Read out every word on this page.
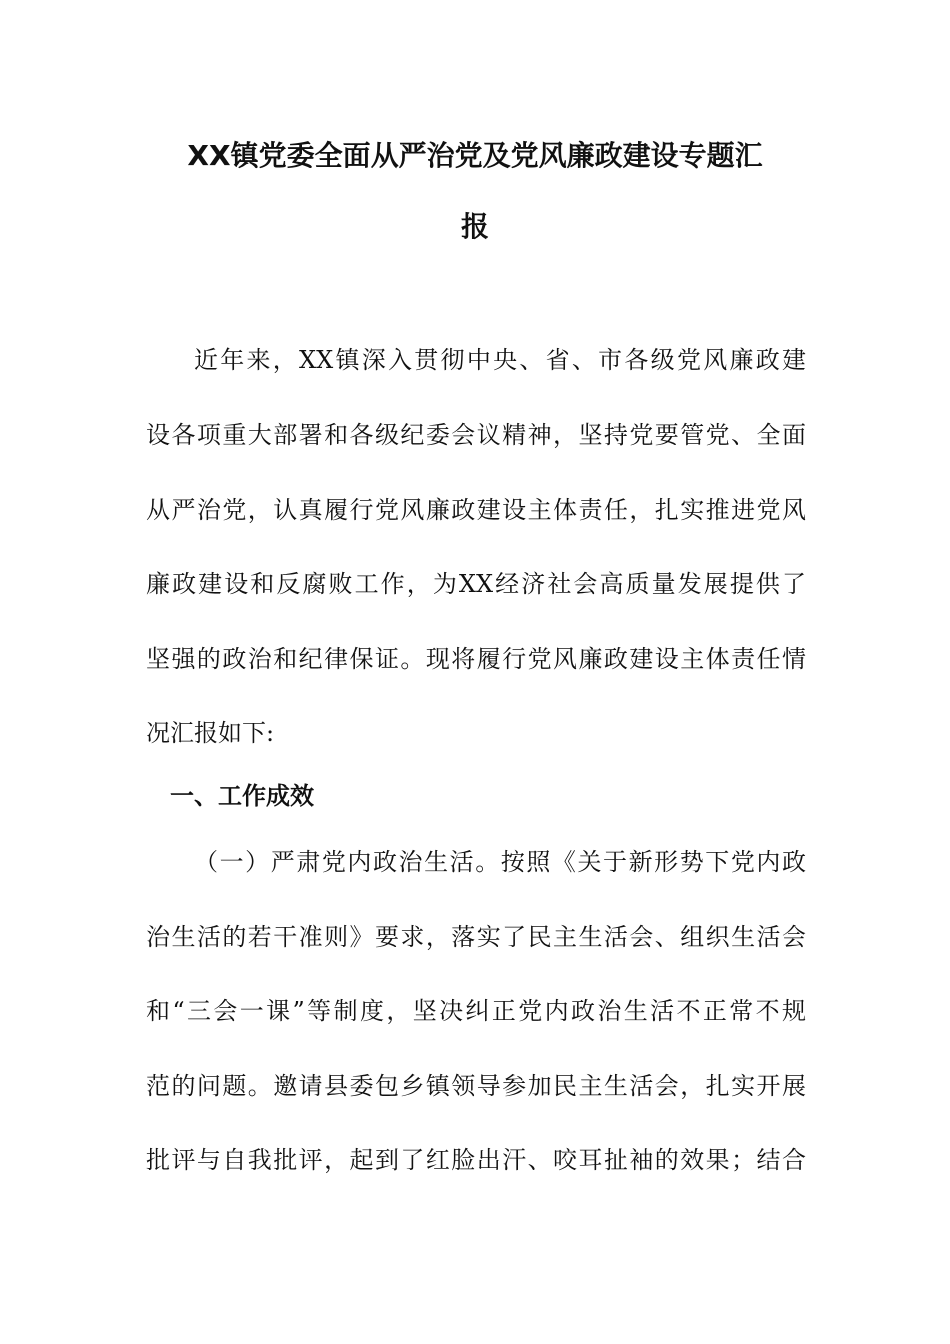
XX镇党委全面从严治党及党风廉政建设专题汇
报

近年来，XX镇深入贯彻中央、省、市各级党风廉政建

设各项重大部署和各级纪委会议精神，坚持党要管党、全面

从严治党，认真履行党风廉政建设主体责任，扎实推进党风

廉政建设和反腐败工作，为XX经济社会高质量发展提供了

坚强的政治和纪律保证。现将履行党风廉政建设主体责任情

况汇报如下:

一、工作成效

（一）严肃党内政治生活。按照《关于新形势下党内政

治生活的若干准则》要求，落实了民主生活会、组织生活会

和“三会一课”等制度，坚决纠正党内政治生活不正常不规

范的问题。邀请县委包乡镇领导参加民主生活会，扎实开展

批评与自我批评，起到了红脸出汗、咬耳扯袖的效果；结合
